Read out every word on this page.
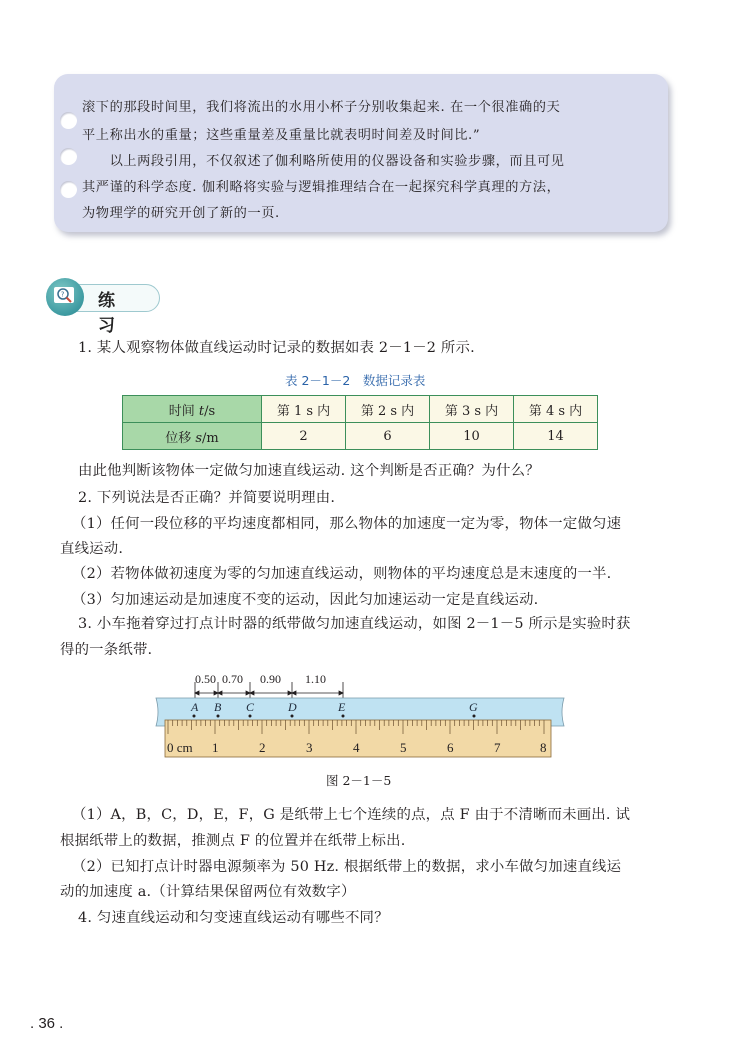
滚下的那段时间里，我们将流出的水用小杯子分别收集起来. 在一个很准确的天
平上称出水的重量；这些重量差及重量比就表明时间差及时间比.”
　　以上两段引用，不仅叙述了伽利略所使用的仪器设备和实验步骤，而且可见
其严谨的科学态度. 伽利略将实验与逻辑推理结合在一起探究科学真理的方法，
为物理学的研究开创了新的一页.
? 练 习
1. 某人观察物体做直线运动时记录的数据如表 2－1－2 所示.
表 2－1－2　数据记录表
时间 t/s	第 1 s 内	第 2 s 内	第 3 s 内	第 4 s 内
位移 s/m	2	6	10	14
由此他判断该物体一定做匀加速直线运动. 这个判断是否正确？为什么？
2. 下列说法是否正确？并简要说明理由.
（1）任何一段位移的平均速度都相同，那么物体的加速度一定为零，物体一定做匀速
直线运动.
（2）若物体做初速度为零的匀加速直线运动，则物体的平均速度总是末速度的一半.
（3）匀加速运动是加速度不变的运动，因此匀加速运动一定是直线运动.
3. 小车拖着穿过打点计时器的纸带做匀加速直线运动，如图 2－1－5 所示是实验时获
得的一条纸带.
0.50 0.70 0.90 1.10
A B C	D	E	G
0 cm 1	2	3	4	5	6	7	8
图 2－1－5
（1）A，B，C，D，E，F，G 是纸带上七个连续的点，点 F 由于不清晰而未画出. 试
根据纸带上的数据，推测点 F 的位置并在纸带上标出.
（2）已知打点计时器电源频率为 50 Hz. 根据纸带上的数据，求小车做匀加速直线运
动的加速度 a.（计算结果保留两位有效数字）
4. 匀速直线运动和匀变速直线运动有哪些不同？
. 36 .
